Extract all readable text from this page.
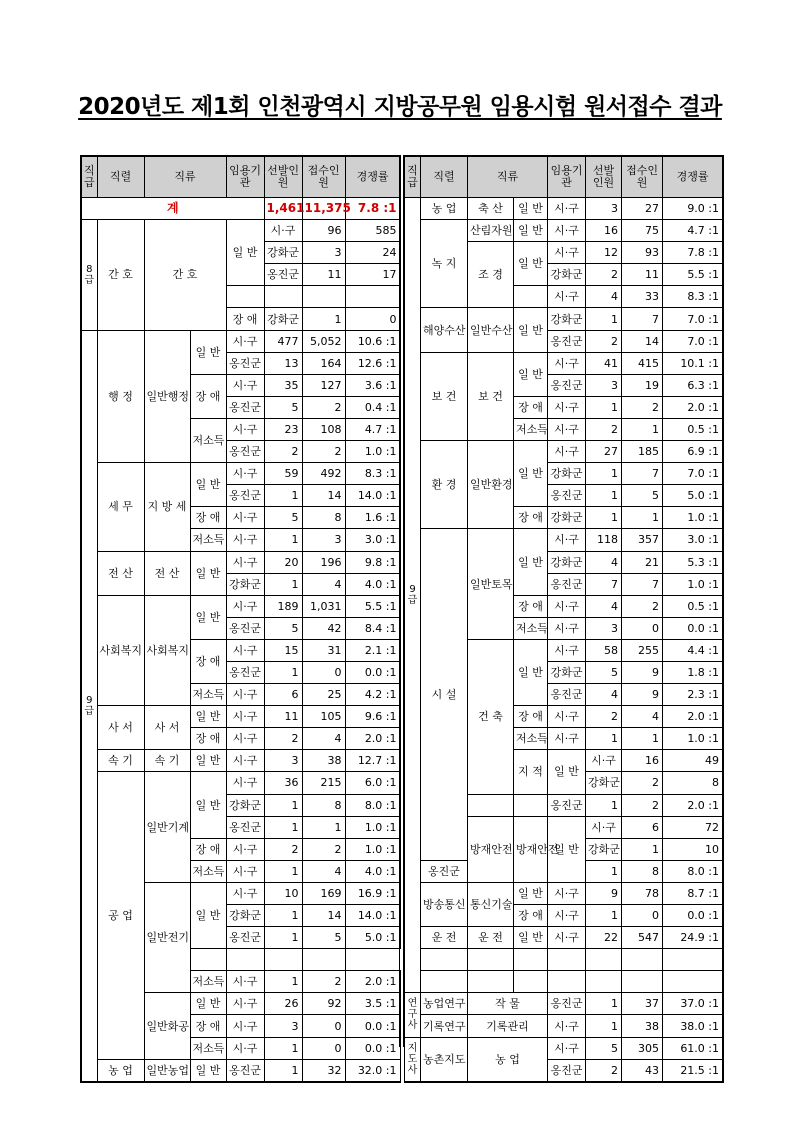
2020년도 제1회 인천광역시 지방공무원 임용시험 원서접수 결과
직급	직렬	직류		임용기관	선발인원	접수인원	경쟁률	
계					1,461	11,375	7.8 :1	
8급	간 호	간 호		일 반	시·구	96	585	
					강화군	3	24	
					옹진군	11	17	

				장 애	강화군	1	0	
9급	행 정	일반행정	일 반	시·구	477	5,052	10.6 :1	
				옹진군	13	164	12.6 :1	
			장 애	시·구	35	127	3.6 :1	
				옹진군	5	2	0.4 :1	
			저소득	시·구	23	108	4.7 :1	
				옹진군	2	2	1.0 :1	
	세 무	지 방 세	일 반	시·구	59	492	8.3 :1	
				옹진군	1	14	14.0 :1	
			장 애	시·구	5	8	1.6 :1	
			저소득	시·구	1	3	3.0 :1	
	전 산	전 산	일 반	시·구	20	196	9.8 :1	
				강화군	1	4	4.0 :1	
	사회복지	사회복지	일 반	시·구	189	1,031	5.5 :1	
				옹진군	5	42	8.4 :1	
			장 애	시·구	15	31	2.1 :1	
				옹진군	1	0	0.0 :1	
			저소득	시·구	6	25	4.2 :1	
	사 서	사 서	일 반	시·구	11	105	9.6 :1	
			장 애	시·구	2	4	2.0 :1	
	속 기	속 기	일 반	시·구	3	38	12.7 :1	
	공 업	일반기계	일 반	시·구	36	215	6.0 :1	
				강화군	1	8	8.0 :1	
				옹진군	1	1	1.0 :1	
			장 애	시·구	2	2	1.0 :1	
			저소득	시·구	1	4	4.0 :1	
		일반전기	일 반	시·구	10	169	16.9 :1	
				강화군	1	14	14.0 :1	
				옹진군	1	5	5.0 :1	

			저소득	시·구	1	2	2.0 :1	
		일반화공	일 반	시·구	26	92	3.5 :1	
			장 애	시·구	3	0	0.0 :1	
			저소득	시·구	1	0	0.0 :1	
	농 업	일반농업	일 반	옹진군	1	32	32.0 :1	
직급	직렬	직류		임용기관	선발인원	접수인원	경쟁률	
9급	농 업	축 산	일 반	시·구	3	27	9.0 :1	
	녹 지	산림자원	일 반	시·구	16	75	4.7 :1	
		조 경	일 반	시·구	12	93	7.8 :1	
				강화군	2	11	5.5 :1	
				시·구	4	33	8.3 :1	
	해양수산	일반수산	일 반	강화군	1	7	7.0 :1	
				옹진군	2	14	7.0 :1	
	보 건	보 건	일 반	시·구	41	415	10.1 :1	
				옹진군	3	19	6.3 :1	
			장 애	시·구	1	2	2.0 :1	
			저소득	시·구	2	1	0.5 :1	
	환 경	일반환경	일 반	시·구	27	185	6.9 :1	
				강화군	1	7	7.0 :1	
				옹진군	1	5	5.0 :1	
			장 애	강화군	1	1	1.0 :1	
	시 설	일반토목	일 반	시·구	118	357	3.0 :1	
				강화군	4	21	5.3 :1	
				옹진군	7	7	1.0 :1	
			장 애	시·구	4	2	0.5 :1	
			저소득	시·구	3	0	0.0 :1	
		건 축	일 반	시·구	58	255	4.4 :1	
				강화군	5	9	1.8 :1	
				옹진군	4	9	2.3 :1	
			장 애	시·구	2	4	2.0 :1	
			저소득	시·구	1	1	1.0 :1	
			지 적	일 반	시·구	16	49	
					강화군	2	8	
				옹진군	1	2	2.0 :1	
		방재안전	방재안전	일 반	시·구	6	72	
					강화군	1	10	
	옹진군				1	8	8.0 :1	
	방송통신	통신기술	일 반	시·구	9	78	8.7 :1	
			장 애	시·구	1	0	0.0 :1	
	운 전	운 전	일 반	시·구	22	547	24.9 :1	

연구사	농업연구	작 물		옹진군	1	37	37.0 :1	
	기록연구	기록관리		시·구	1	38	38.0 :1	
지도사	농촌지도	농 업		시·구	5	305	61.0 :1	
				옹진군	2	43	21.5 :1	
